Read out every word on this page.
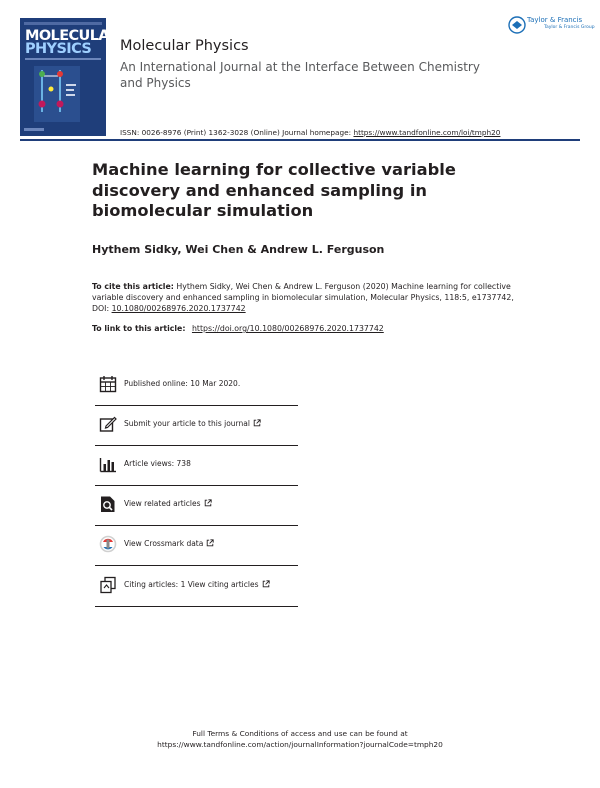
MOLECULAR
PHYSICS Molecular Physics
An International Journal at the Interface Between Chemistry and Physics
ISSN: 0026-8976 (Print) 1362-3028 (Online) Journal homepage: https://www.tandfonline.com/loi/tmph20
Taylor & Francis
Taylor & Francis Group
Machine learning for collective variable discovery and enhanced sampling in biomolecular simulation
Hythem Sidky, Wei Chen & Andrew L. Ferguson
To cite this article: Hythem Sidky, Wei Chen & Andrew L. Ferguson (2020) Machine learning for collective variable discovery and enhanced sampling in biomolecular simulation, Molecular Physics, 118:5, e1737742, DOI: 10.1080/00268976.2020.1737742
To link to this article: https://doi.org/10.1080/00268976.2020.1737742
Published online: 10 Mar 2020.
Submit your article to this journal
Article views: 738
View related articles
View Crossmark data
Citing articles: 1 View citing articles
Full Terms & Conditions of access and use can be found at
https://www.tandfonline.com/action/journalInformation?journalCode=tmph20
